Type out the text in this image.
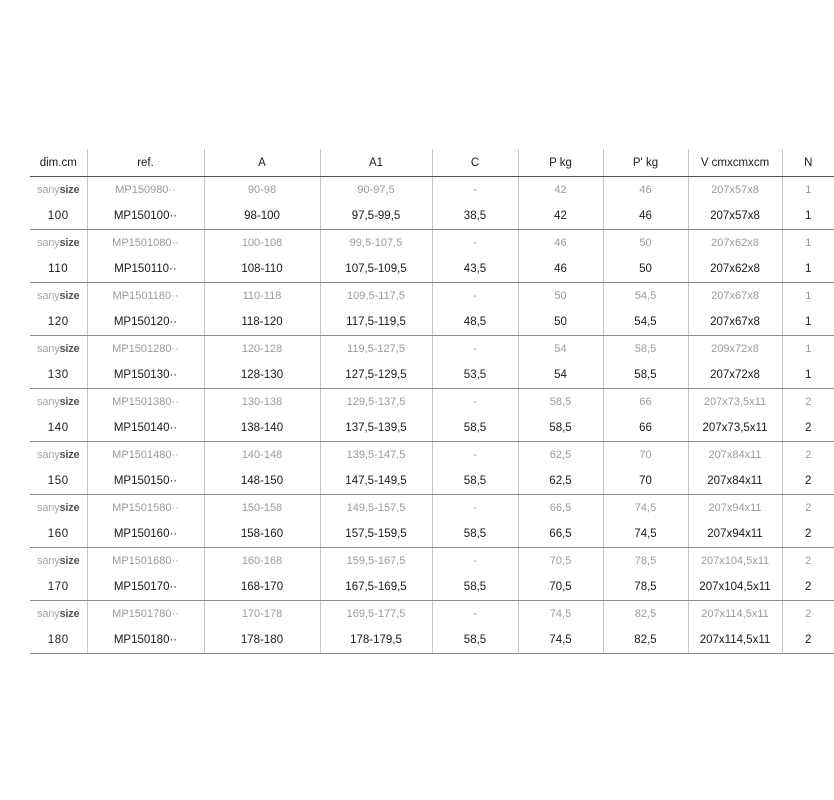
dim.cm	ref.	A	A1	C	P kg	P' kg	V cmxcmxcm	N
sanysize	MP150980··	90-98	90-97,5	-	42	46	207x57x8	1
100	MP150100··	98-100	97,5-99,5	38,5	42	46	207x57x8	1
sanysize	MP1501080··	100-108	99,5-107,5	-	46	50	207x62x8	1
110	MP150110··	108-110	107,5-109,5	43,5	46	50	207x62x8	1
sanysize	MP1501180··	110-118	109,5-117,5	-	50	54,5	207x67x8	1
120	MP150120··	118-120	117,5-119,5	48,5	50	54,5	207x67x8	1
sanysize	MP1501280··	120-128	119,5-127,5	-	54	58,5	209x72x8	1
130	MP150130··	128-130	127,5-129,5	53,5	54	58,5	207x72x8	1
sanysize	MP1501380··	130-138	129,5-137,5	-	58,5	66	207x73,5x11	2
140	MP150140··	138-140	137,5-139,5	58,5	58,5	66	207x73,5x11	2
sanysize	MP1501480··	140-148	139,5-147,5	-	62,5	70	207x84x11	2
150	MP150150··	148-150	147,5-149,5	58,5	62,5	70	207x84x11	2
sanysize	MP1501580··	150-158	149,5-157,5	-	66,5	74,5	207x94x11	2
160	MP150160··	158-160	157,5-159,5	58,5	66,5	74,5	207x94x11	2
sanysize	MP1501680··	160-168	159,5-167,5	-	70,5	78,5	207x104,5x11	2
170	MP150170··	168-170	167,5-169,5	58,5	70,5	78,5	207x104,5x11	2
sanysize	MP1501780··	170-178	169,5-177,5	-	74,5	82,5	207x114,5x11	2
180	MP150180··	178-180	178-179,5	58,5	74,5	82,5	207x114,5x11	2
